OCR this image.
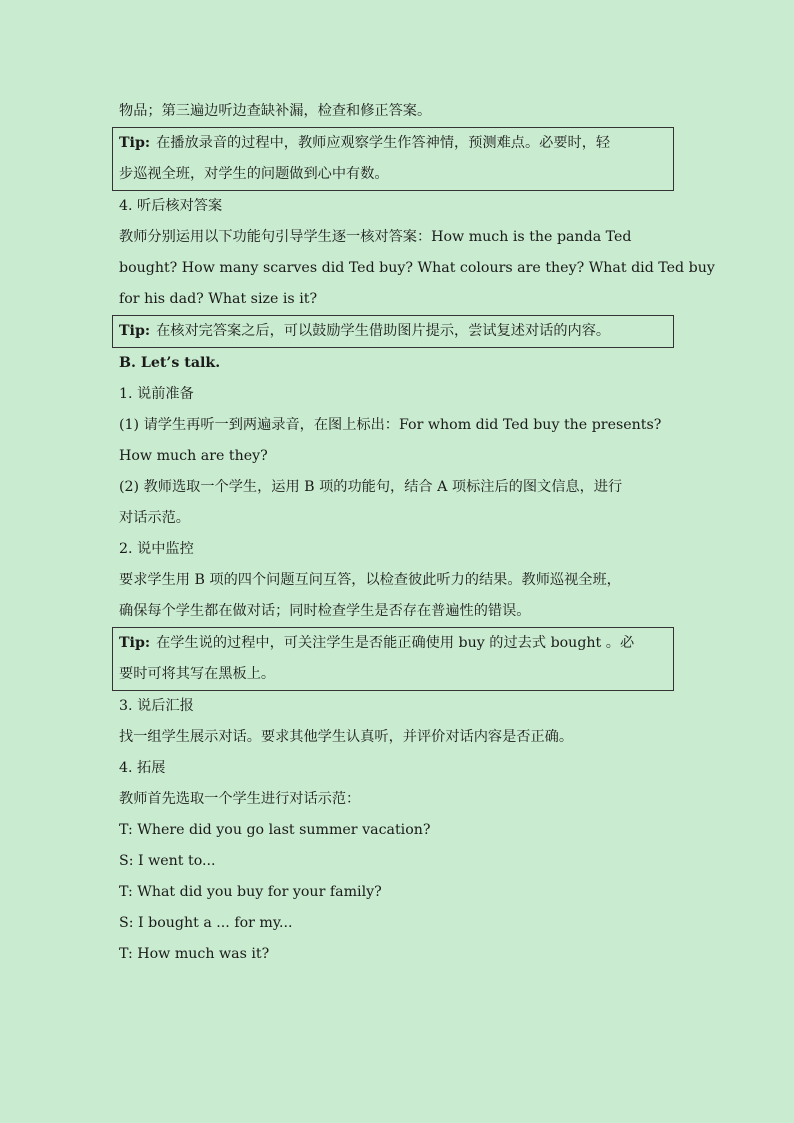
物品；第三遍边听边查缺补漏，检查和修正答案。
Tip: 在播放录音的过程中，教师应观察学生作答神情，预测难点。必要时，轻
步巡视全班，对学生的问题做到心中有数。
4. 听后核对答案
教师分别运用以下功能句引导学生逐一核对答案：How much is the panda Ted
bought? How many scarves did Ted buy? What colours are they? What did Ted buy
for his dad? What size is it?
Tip: 在核对完答案之后，可以鼓励学生借助图片提示，尝试复述对话的内容。
B. Let’s talk.
1. 说前准备
(1) 请学生再听一到两遍录音，在图上标出：For whom did Ted buy the presents?
How much are they?
(2) 教师选取一个学生，运用 B 项的功能句，结合 A 项标注后的图文信息，进行
对话示范。
2. 说中监控
要求学生用 B 项的四个问题互问互答，以检查彼此听力的结果。教师巡视全班，
确保每个学生都在做对话；同时检查学生是否存在普遍性的错误。
Tip: 在学生说的过程中，可关注学生是否能正确使用 buy 的过去式 bought 。必
要时可将其写在黑板上。
3. 说后汇报
找一组学生展示对话。要求其他学生认真听，并评价对话内容是否正确。
4. 拓展
教师首先选取一个学生进行对话示范：
T: Where did you go last summer vacation?
S: I went to...
T: What did you buy for your family?
S: I bought a ... for my...
T: How much was it?
